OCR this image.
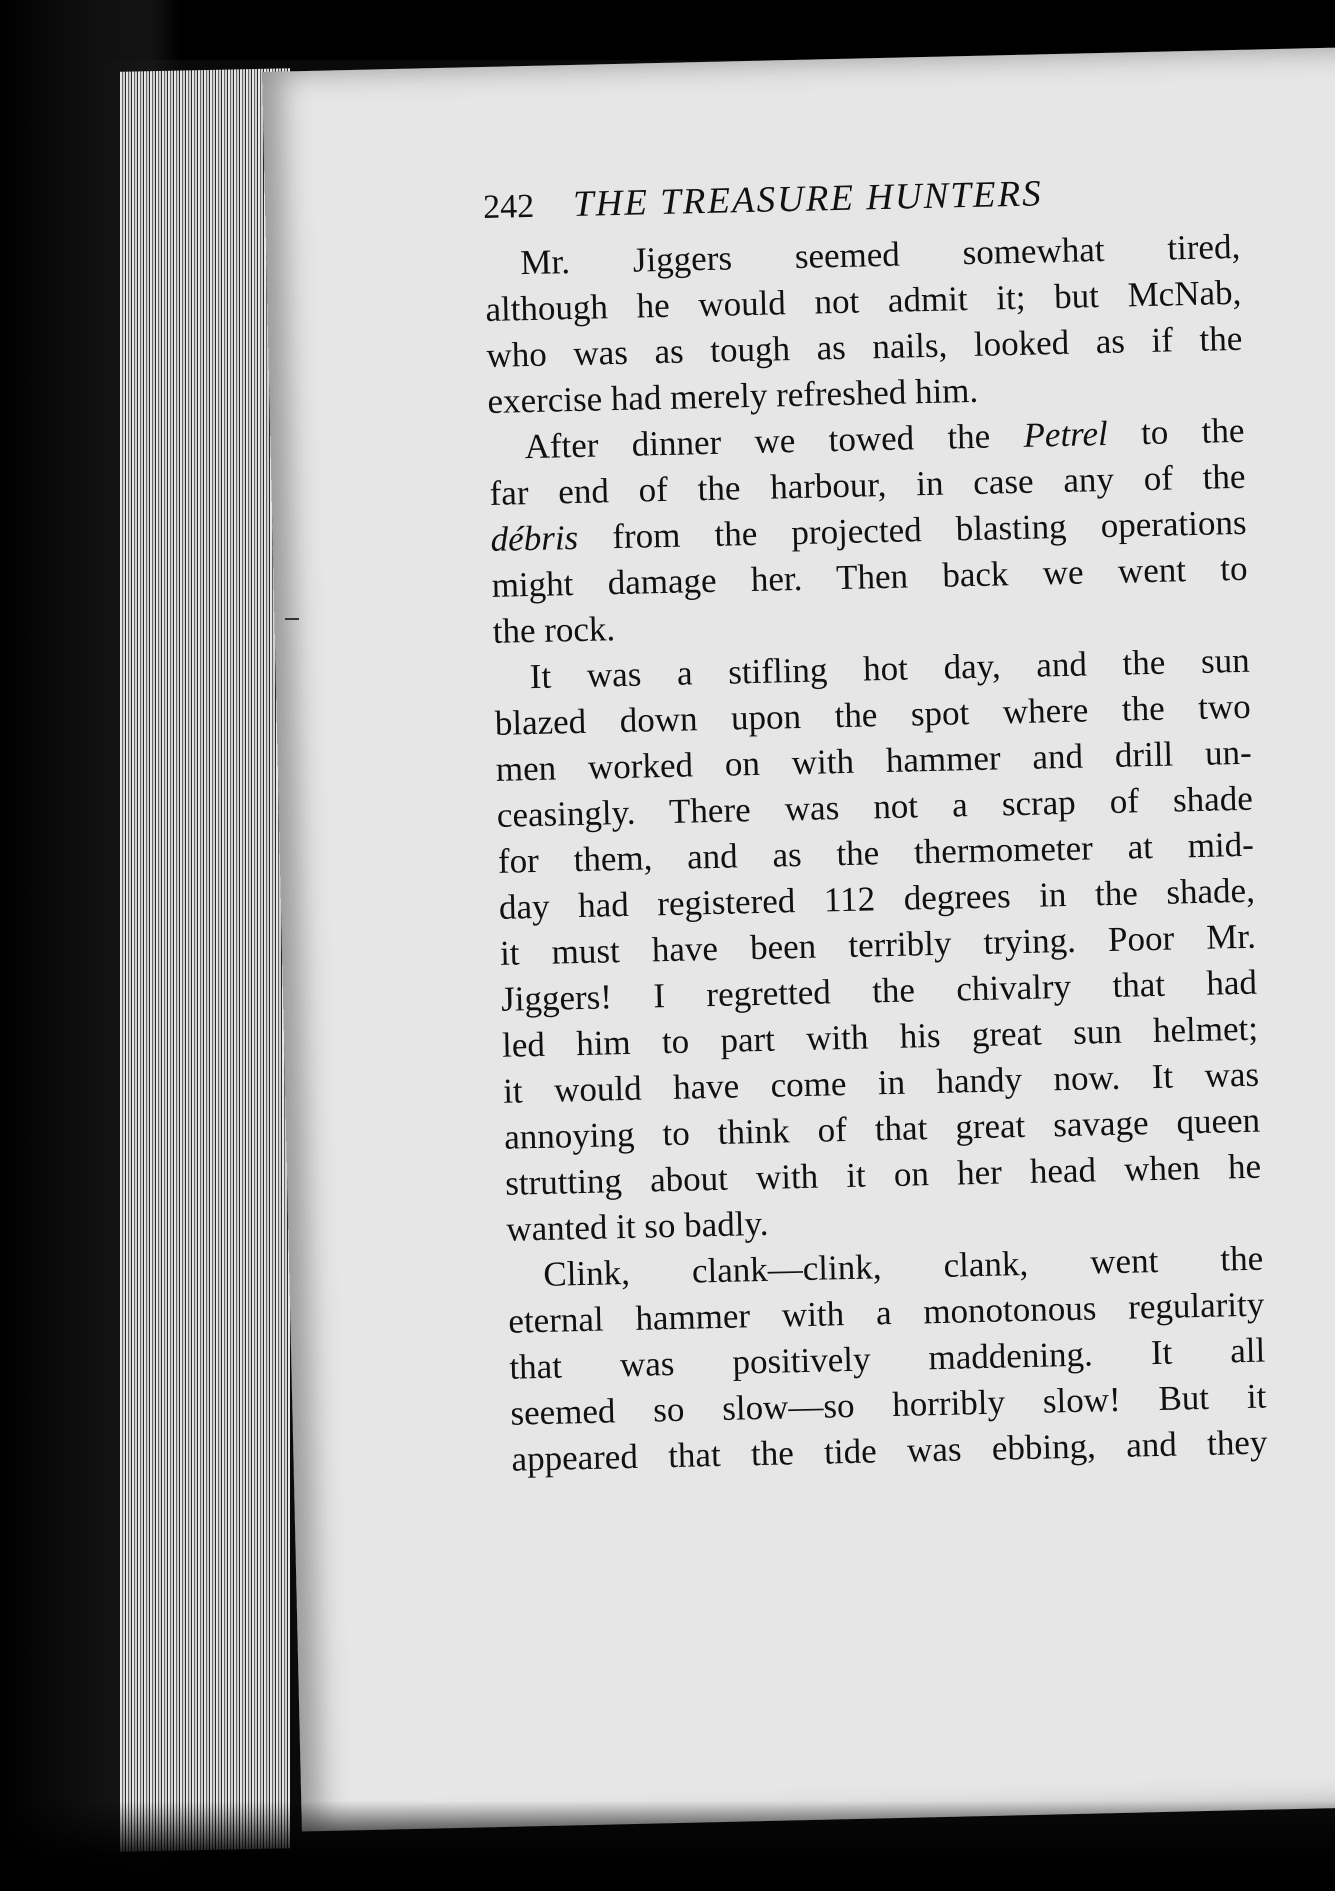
242 THE TREASURE HUNTERS
Mr. Jiggers seemed somewhat tired,
although he would not admit it; but McNab,
who was as tough as nails, looked as if the
exercise had merely refreshed him.
After dinner we towed the Petrel to the
far end of the harbour, in case any of the
débris from the projected blasting operations
might damage her. Then back we went to
the rock.
It was a stifling hot day, and the sun
blazed down upon the spot where the two
men worked on with hammer and drill un-
ceasingly. There was not a scrap of shade
for them, and as the thermometer at mid-
day had registered 112 degrees in the shade,
it must have been terribly trying. Poor Mr.
Jiggers! I regretted the chivalry that had
led him to part with his great sun helmet;
it would have come in handy now. It was
annoying to think of that great savage queen
strutting about with it on her head when he
wanted it so badly.
Clink, clank—clink, clank, went the
eternal hammer with a monotonous regularity
that was positively maddening. It all
seemed so slow—so horribly slow! But it
appeared that the tide was ebbing, and they
